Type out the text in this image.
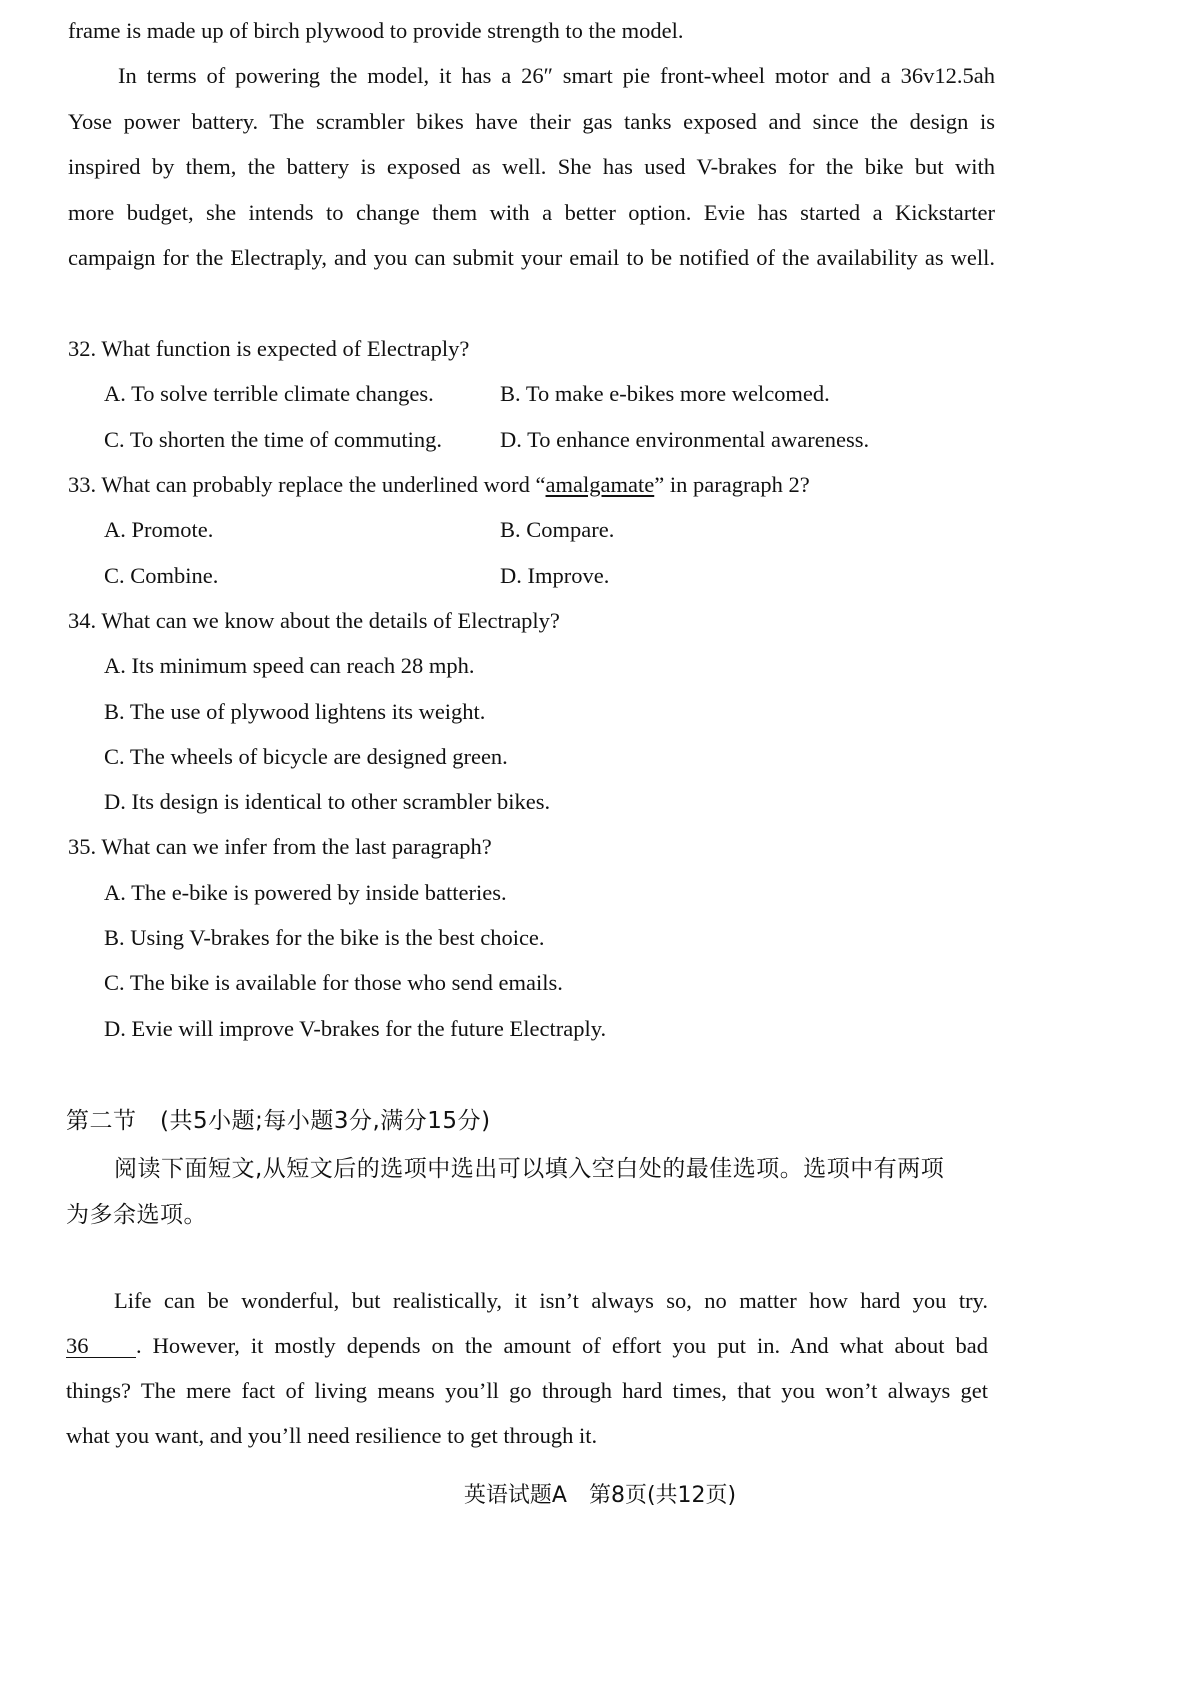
frame is made up of birch plywood to provide strength to the model.
In terms of powering the model, it has a 26″ smart pie front-wheel motor and a 36v12.5ah
Yose power battery. The scrambler bikes have their gas tanks exposed and since the design is
inspired by them, the battery is exposed as well. She has used V-brakes for the bike but with
more budget, she intends to change them with a better option. Evie has started a Kickstarter
campaign for the Electraply, and you can submit your email to be notified of the availability as well.
32. What function is expected of Electraply?
A. To solve terrible climate changes.	B. To make e-bikes more welcomed.
C. To shorten the time of commuting.	D. To enhance environmental awareness.
33. What can probably replace the underlined word “amalgamate” in paragraph 2?
A. Promote.	B. Compare.
C. Combine.	D. Improve.
34. What can we know about the details of Electraply?
A. Its minimum speed can reach 28 mph.
B. The use of plywood lightens its weight.
C. The wheels of bicycle are designed green.
D. Its design is identical to other scrambler bikes.
35. What can we infer from the last paragraph?
A. The e-bike is powered by inside batteries.
B. Using V-brakes for the bike is the best choice.
C. The bike is available for those who send emails.
D. Evie will improve V-brakes for the future Electraply.
第二节　(共5小题;每小题3分,满分15分)
阅读下面短文,从短文后的选项中选出可以填入空白处的最佳选项。选项中有两项
为多余选项。
Life can be wonderful, but realistically, it isn’t always so, no matter how hard you try.
36 . However, it mostly depends on the amount of effort you put in. And what about bad
things? The mere fact of living means you’ll go through hard times, that you won’t always get
what you want, and you’ll need resilience to get through it.
英语试题A　第8页(共12页)
